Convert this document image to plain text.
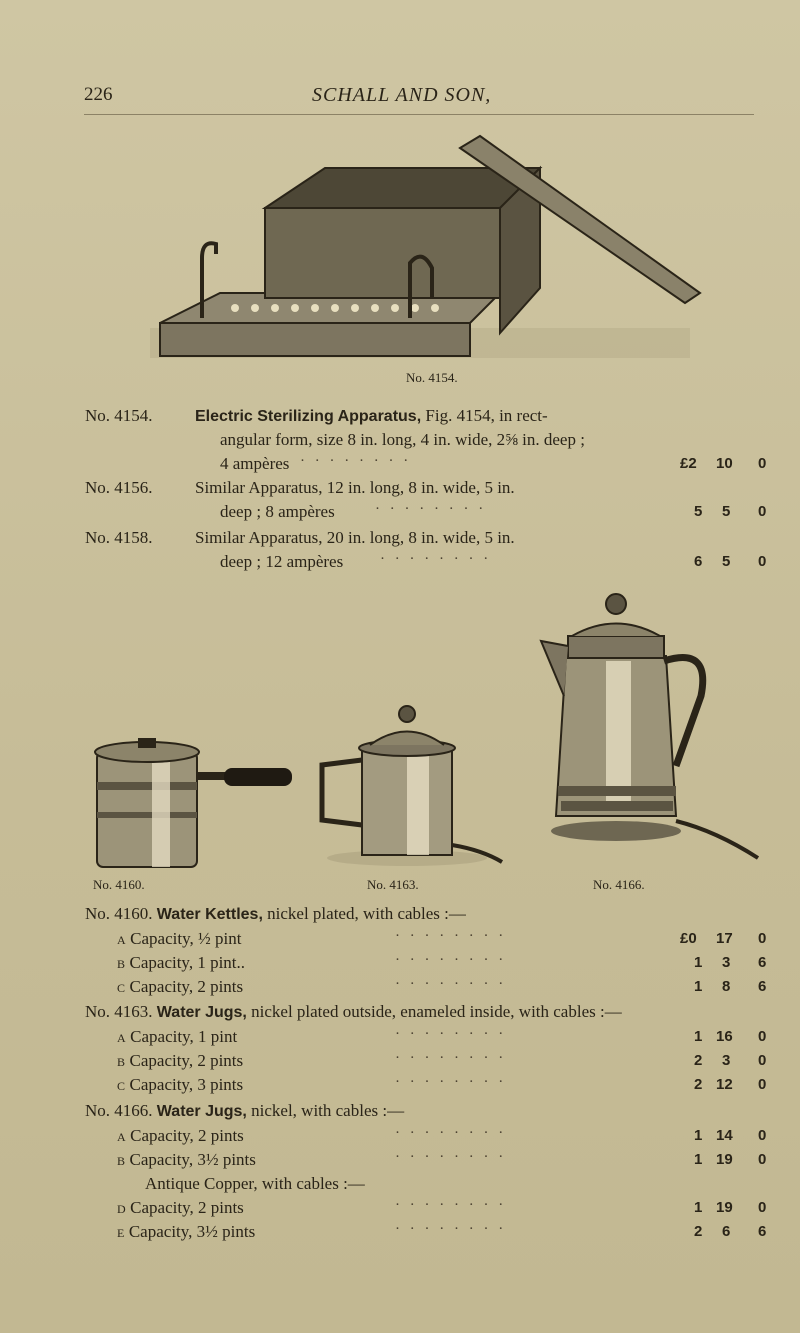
226	SCHALL AND SON,
No. 4154.
No. 4154.	Electric Sterilizing Apparatus, Fig. 4154, in rect-
angular form, size 8 in. long, 4 in. wide, 2⅝ in. deep ;
4 ampères · · · · · · · ·	£2 10 0
No. 4156. Similar Apparatus, 12 in. long, 8 in. wide, 5 in.
deep ; 8 ampères	· · · · · · · ·	5 5 0
No. 4158. Similar Apparatus, 20 in. long, 8 in. wide, 5 in.
deep ; 12 ampères · · · · · · · ·	6 5 0
No. 4160.	No. 4163.	No. 4166.
No. 4160. Water Kettles, nickel plated, with cables :—
A Capacity, ½ pint	· · · · · · · ·	£0 17 0
B Capacity, 1 pint..	· · · · · · · ·	1 3 6
C Capacity, 2 pints	· · · · · · · ·	1 8 6
No. 4163. Water Jugs, nickel plated outside, enameled inside, with cables :—
A Capacity, 1 pint	· · · · · · · ·	1 16 0
B Capacity, 2 pints	· · · · · · · ·	2 3 0
C Capacity, 3 pints	· · · · · · · ·	2 12 0
No. 4166. Water Jugs, nickel, with cables :—
A Capacity, 2 pints	· · · · · · · ·	1 14 0
B Capacity, 3½ pints	· · · · · · · ·	1 19 0
Antique Copper, with cables :—
D Capacity, 2 pints	· · · · · · · ·	1 19 0
E Capacity, 3½ pints	· · · · · · · ·	2 6 6
